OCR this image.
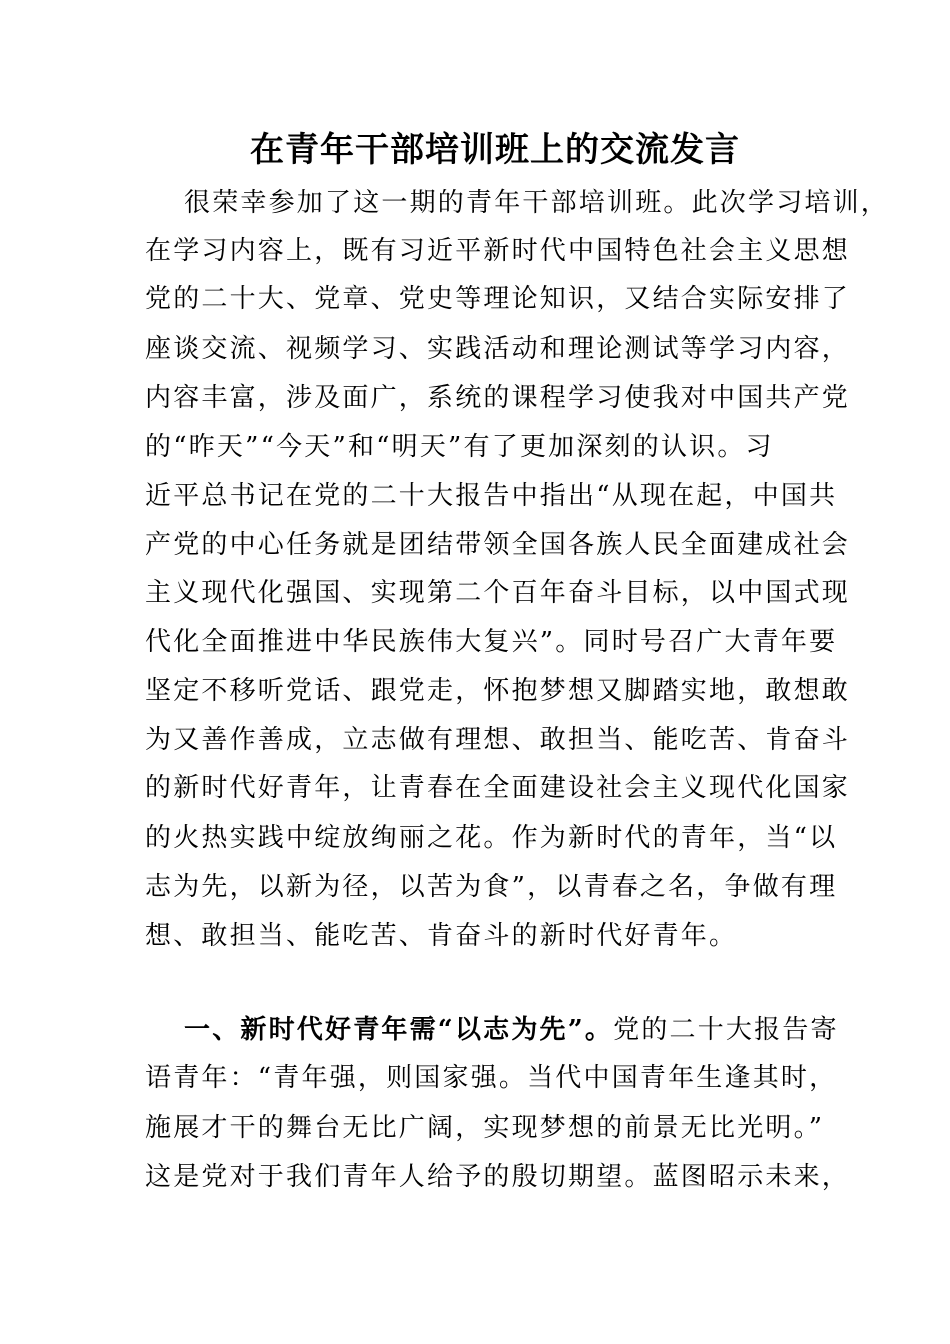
在青年干部培训班上的交流发言
很荣幸参加了这一期的青年干部培训班。此次学习培训，
在学习内容上，既有习近平新时代中国特色社会主义思想
党的二十大、党章、党史等理论知识，又结合实际安排了
座谈交流、视频学习、实践活动和理论测试等学习内容，
内容丰富，涉及面广，系统的课程学习使我对中国共产党
的“昨天”“今天”和“明天”有了更加深刻的认识。习
近平总书记在党的二十大报告中指出“从现在起，中国共
产党的中心任务就是团结带领全国各族人民全面建成社会
主义现代化强国、实现第二个百年奋斗目标，以中国式现
代化全面推进中华民族伟大复兴”。同时号召广大青年要
坚定不移听党话、跟党走，怀抱梦想又脚踏实地，敢想敢
为又善作善成，立志做有理想、敢担当、能吃苦、肯奋斗
的新时代好青年，让青春在全面建设社会主义现代化国家
的火热实践中绽放绚丽之花。作为新时代的青年，当“以
志为先，以新为径，以苦为食”，以青春之名，争做有理
想、敢担当、能吃苦、肯奋斗的新时代好青年。
一、新时代好青年需“以志为先”。党的二十大报告寄
语青年：“青年强，则国家强。当代中国青年生逢其时，
施展才干的舞台无比广阔，实现梦想的前景无比光明。”
这是党对于我们青年人给予的殷切期望。蓝图昭示未来，
